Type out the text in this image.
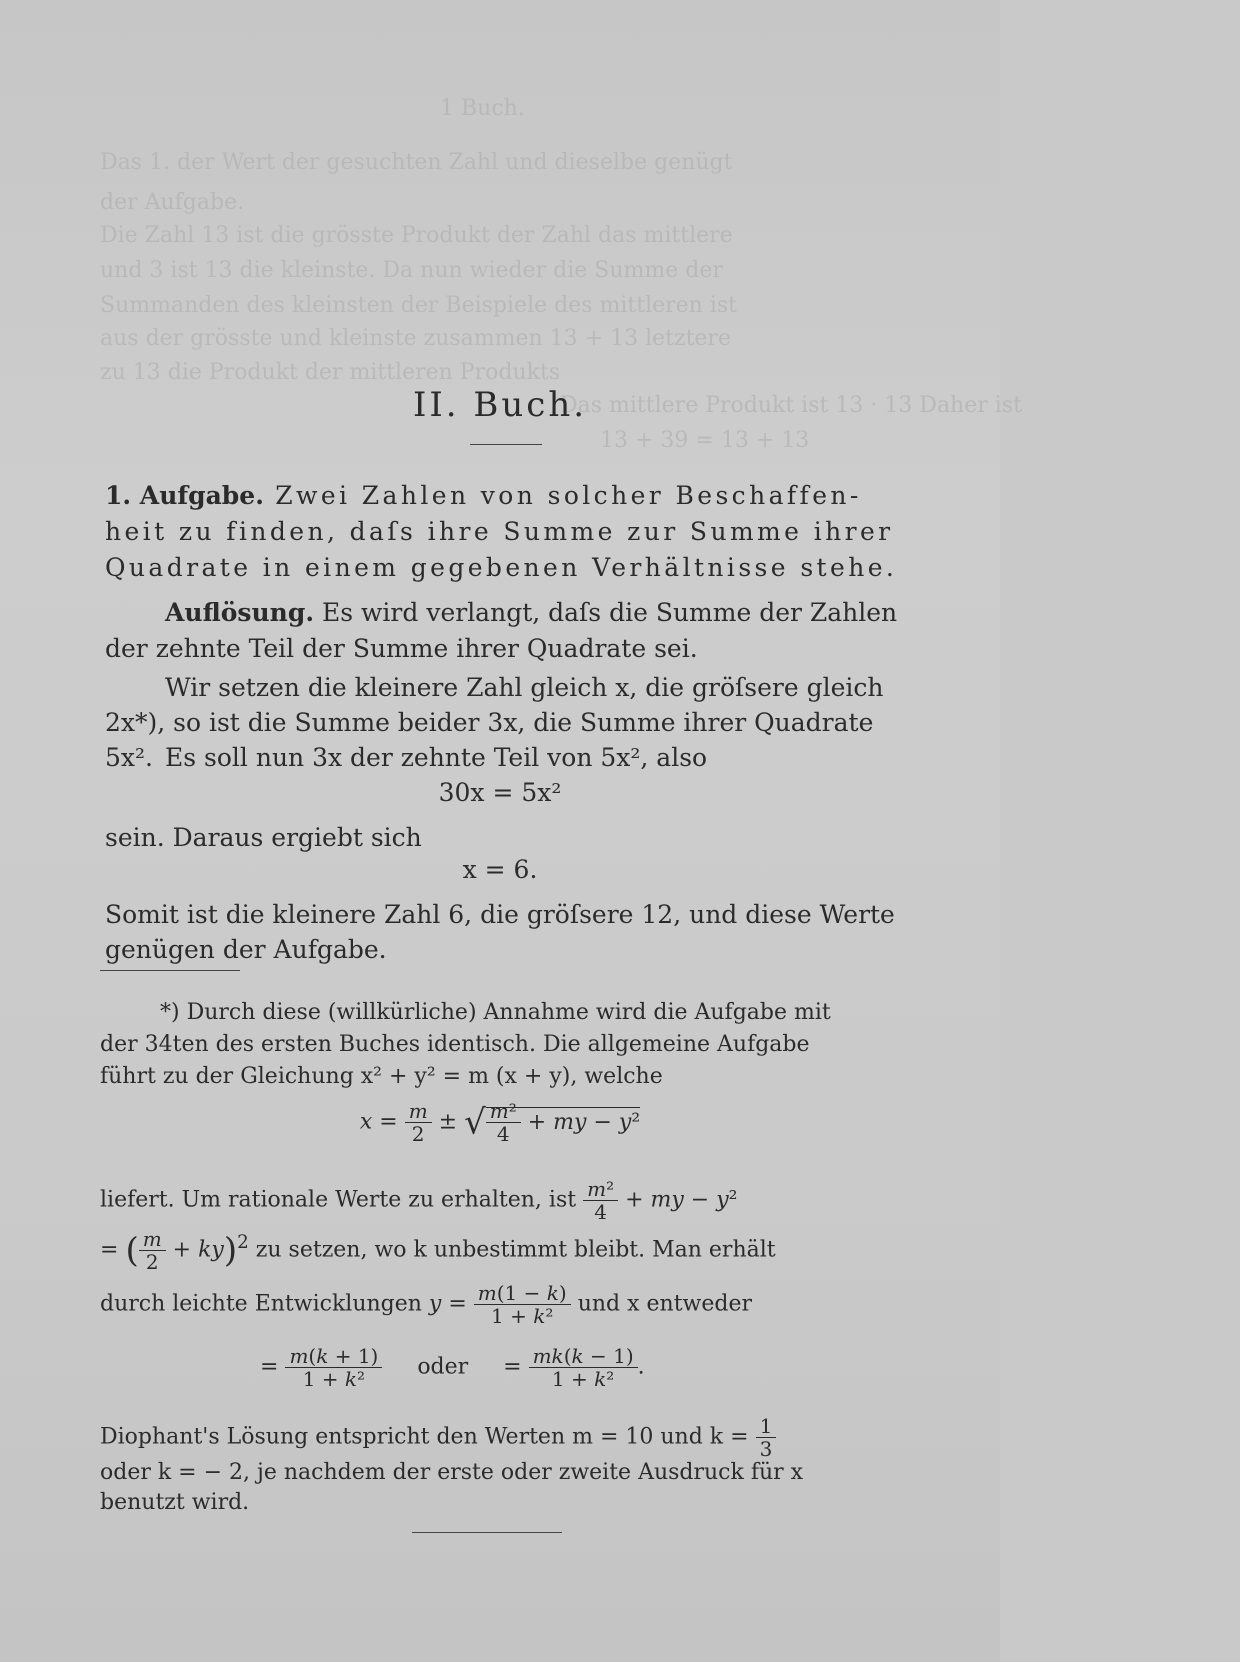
1 Buch.
Das 1. der Wert der gesuchten Zahl und dieselbe genügt
der Aufgabe.
Die Zahl 13 ist die grösste Produkt der Zahl das mittlere
und 3 ist 13 die kleinste. Da nun wieder die Summe der
Summanden des kleinsten der Beispiele des mittleren ist
aus der grösste und kleinste zusammen 13 + 13 letztere
zu 13 die Produkt der mittleren Produkts
Das mittlere Produkt ist 13 · 13 Daher ist
13 + 39 = 13 + 13
II. Buch.
1. Aufgabe. Zwei Zahlen von solcher Beschaffen-
heit zu finden, daſs ihre Summe zur Summe ihrer
Quadrate in einem gegebenen Verhältnisse stehe.
Auflösung. Es wird verlangt, daſs die Summe der Zahlen
der zehnte Teil der Summe ihrer Quadrate sei.
Wir setzen die kleinere Zahl gleich x, die gröſsere gleich
2x*), so ist die Summe beider 3x, die Summe ihrer Quadrate 5x². Es soll nun 3x der zehnte Teil von 5x², also
30x = 5x²
sein. Daraus ergiebt sich
x = 6.
Somit ist die kleinere Zahl 6, die gröſsere 12, und diese Werte
genügen der Aufgabe.
*) Durch diese (willkürliche) Annahme wird die Aufgabe mit
der 34ten des ersten Buches identisch. Die allgemeine Aufgabe
führt zu der Gleichung x² + y² = m (x + y), welche
$x = \frac{m}{2}$ ± √ $\frac{\text{m²}}{4}$ + my − y²
liefert. Um rationale Werte zu erhalten, ist $\frac{\text{m²}}{4}$ + my − y²
= ( $\frac{m}{2} + ky)^2$ zu setzen, wo k unbestimmt bleibt. Man erhält
durch leichte Entwicklungen $y = \frac{m(1 - k)}{\text{1 + k²}}$ und x entweder
= $\frac{m(k + 1)}{\text{1 + k²}}$ oder     = $\frac{mk(k - 1)}{\text{1 + k²}}$ .
Diophant's Lösung entspricht den Werten m = 10 und $k = \frac{1}{3}$
oder k = − 2, je nachdem der erste oder zweite Ausdruck für x
benutzt wird.
